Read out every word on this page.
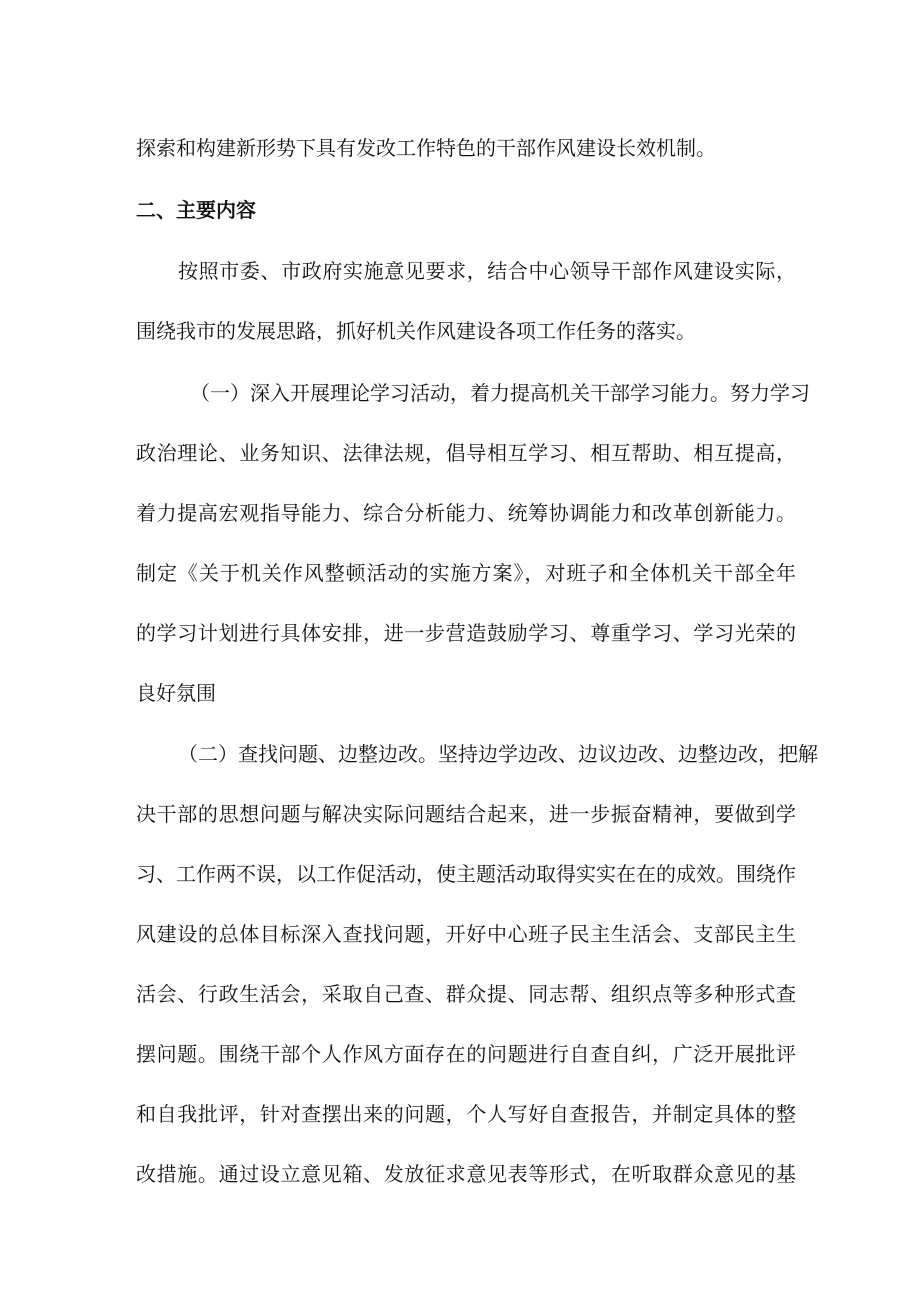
探索和构建新形势下具有发改工作特色的干部作风建设长效机制。
二、主要内容
按照市委、市政府实施意见要求，结合中心领导干部作风建设实际，
围绕我市的发展思路，抓好机关作风建设各项工作任务的落实。
（一）深入开展理论学习活动，着力提高机关干部学习能力。努力学习
政治理论、业务知识、法律法规，倡导相互学习、相互帮助、相互提高，
着力提高宏观指导能力、综合分析能力、统筹协调能力和改革创新能力。
制定《关于机关作风整顿活动的实施方案》，对班子和全体机关干部全年
的学习计划进行具体安排，进一步营造鼓励学习、尊重学习、学习光荣的
良好氛围
（二）查找问题、边整边改。坚持边学边改、边议边改、边整边改，把解
决干部的思想问题与解决实际问题结合起来，进一步振奋精神，要做到学
习、工作两不误，以工作促活动，使主题活动取得实实在在的成效。围绕作
风建设的总体目标深入查找问题，开好中心班子民主生活会、支部民主生
活会、行政生活会，采取自己查、群众提、同志帮、组织点等多种形式查
摆问题。围绕干部个人作风方面存在的问题进行自查自纠，广泛开展批评
和自我批评，针对查摆出来的问题，个人写好自查报告，并制定具体的整
改措施。通过设立意见箱、发放征求意见表等形式，在听取群众意见的基
